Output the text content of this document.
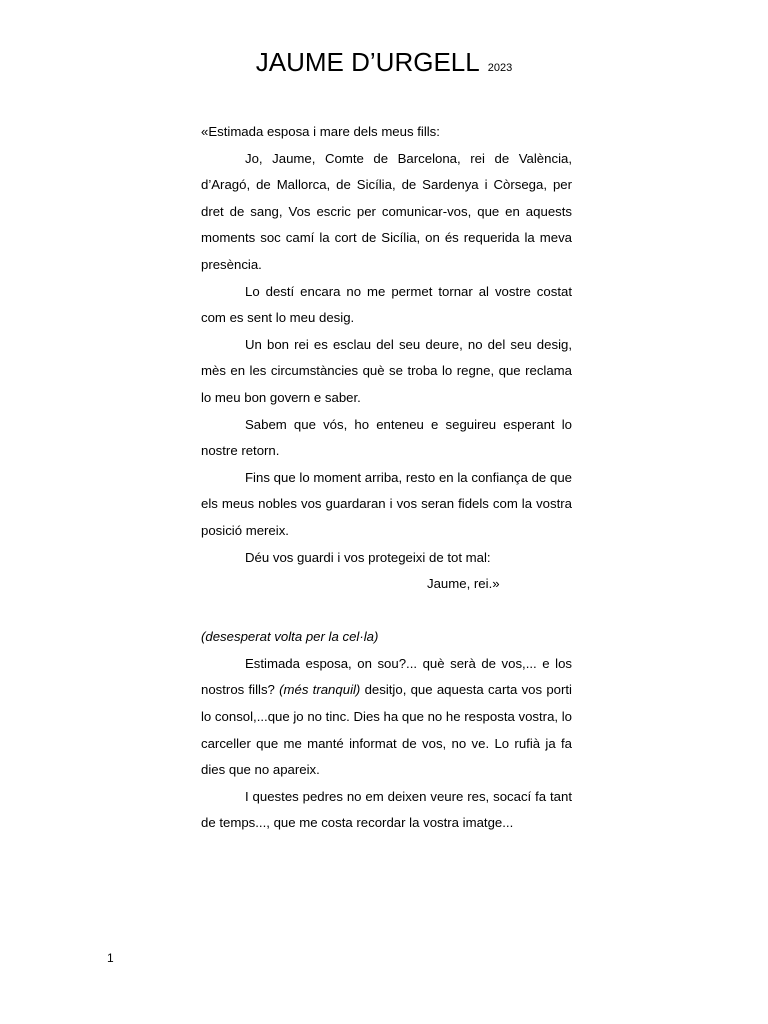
JAUME D’URGELL 2023

«Estimada esposa i mare dels meus fills:

Jo, Jaume, Comte de Barcelona, rei de València, d’Aragó, de Mallorca, de Sicília, de Sardenya i Còrsega, per dret de sang, Vos escric per comunicar-vos, que en aquests moments soc camí la cort de Sicília, on és requerida la meva presència.

Lo destí encara no me permet tornar al vostre costat com es sent lo meu desig.

Un bon rei es esclau del seu deure, no del seu desig, mès en les circumstàncies què se troba lo regne, que reclama lo meu bon govern e saber.

Sabem que vós, ho enteneu e seguireu esperant lo nostre retorn.

Fins que lo moment arriba, resto en la confiança de que els meus nobles vos guardaran i vos seran fidels com la vostra posició mereix.

Déu vos guardi i vos protegeixi de tot mal:

Jaume, rei.»

(desesperat volta per la cel·la)

Estimada esposa, on sou?... què serà de vos,... e los nostros fills? (més tranquil) desitjo, que aquesta carta vos porti lo consol,...que jo no tinc. Dies ha que no he resposta vostra, lo carceller que me manté informat de vos, no ve. Lo rufià ja fa dies que no apareix.

I questes pedres no em deixen veure res, socací fa tant de temps..., que me costa recordar la vostra imatge...

1
